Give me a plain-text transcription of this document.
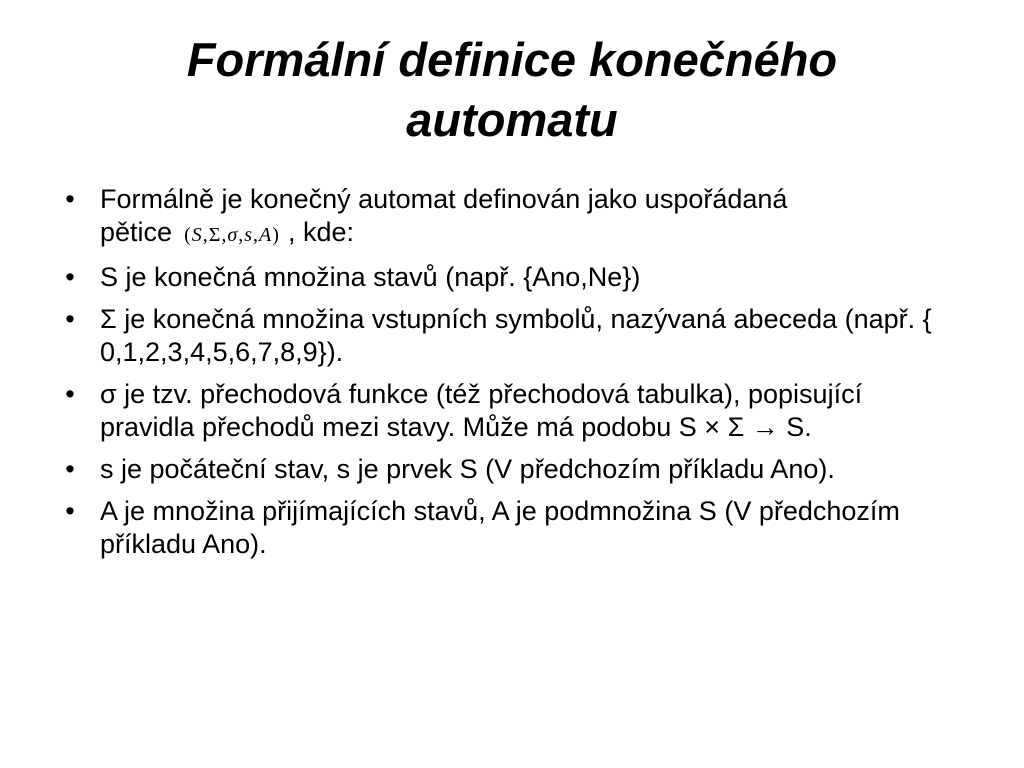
Formální definice konečného
automatu
• Formálně je konečný automat definován jako uspořádaná pětice (S,Σ,σ,s,A) , kde:
• S je konečná množina stavů (např. {Ano,Ne})
• Σ je konečná množina vstupních symbolů, nazývaná abeceda (např. { 0,1,2,3,4,5,6,7,8,9}).
• σ je tzv. přechodová funkce (též přechodová tabulka), popisující pravidla přechodů mezi stavy. Může má podobu S × Σ → S.
• s je počáteční stav, s je prvek S (V předchozím příkladu Ano).
• A je množina přijímajících stavů, A je podmnožina S (V předchozím příkladu Ano).
